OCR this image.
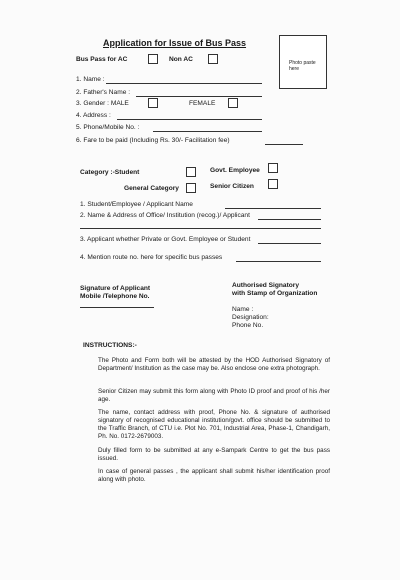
Application for Issue of Bus Pass
Photo paste here
Bus Pass for AC	Non AC
1. Name :
2. Father's Name :
3. Gender : MALE	FEMALE
4. Address :
5. Phone/Mobile No. :
6. Fare to be paid (Including Rs. 30/- Facilitation fee)
Category :-Student	Govt. Employee
General Category	Senior Citizen
1. Student/Employee / Applicant Name
2. Name & Address of Office/ Institution (recog.)/ Applicant
3. Applicant whether Private or Govt. Employee or Student
4. Mention route no. here for specific bus passes
Signature of Applicant
Mobile /Telephone No.
Authorised Signatory
with Stamp of Organization
Name :
Designation:
Phone No.
INSTRUCTIONS:-
The Photo and Form both will be attested by the HOD Authorised Signatory of Department/ Institution as the case may be. Also enclose one extra photograph.
Senior Citizen may submit this form along with Photo ID proof and proof of his /her age.
The name, contact address with proof, Phone No. & signature of authorised signatory of recognised educational institution/govt. office should be submitted to the Traffic Branch, of CTU i.e. Plot No. 701, Industrial Area, Phase-1, Chandigarh, Ph. No. 0172-2679003.
Duly filled form to be submitted at any e-Sampark Centre to get the bus pass issued.
In case of general passes , the applicant shall submit his/her identification proof along with photo.
